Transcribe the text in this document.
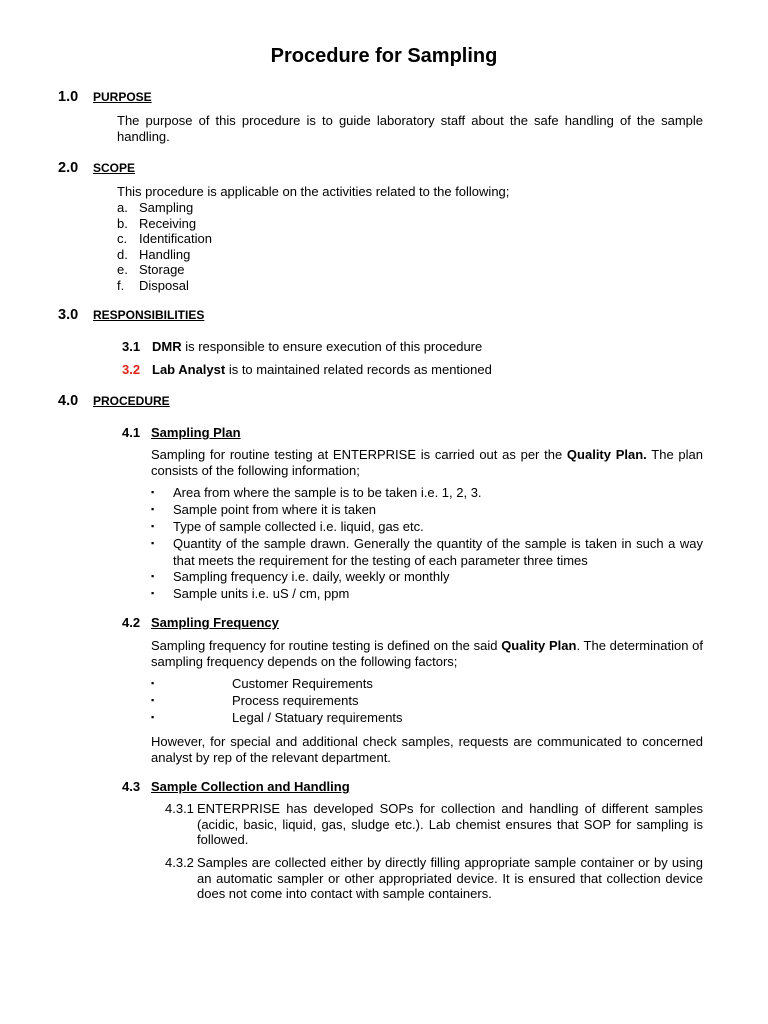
Procedure for Sampling
1.0 PURPOSE
The purpose of this procedure is to guide laboratory staff about the safe handling of the sample handling.
2.0 SCOPE
This procedure is applicable on the activities related to the following;
a. Sampling
b. Receiving
c. Identification
d. Handling
e. Storage
f. Disposal
3.0 RESPONSIBILITIES
3.1 DMR is responsible to ensure execution of this procedure
3.2 Lab Analyst is to maintained related records as mentioned
4.0 PROCEDURE
4.1 Sampling Plan
Sampling for routine testing at ENTERPRISE is carried out as per the Quality Plan. The plan consists of the following information;
▪	Area from where the sample is to be taken i.e. 1, 2, 3.
▪	Sample point from where it is taken
▪	Type of sample collected i.e. liquid, gas etc.
▪	Quantity of the sample drawn. Generally the quantity of the sample is taken in such a way that meets the requirement for the testing of each parameter three times
▪	Sampling frequency i.e. daily, weekly or monthly
▪	Sample units i.e. uS / cm, ppm
4.2 Sampling Frequency
Sampling frequency for routine testing is defined on the said Quality Plan. The determination of sampling frequency depends on the following factors;
▪	Customer Requirements
▪	Process requirements
▪	Legal / Statuary requirements
However, for special and additional check samples, requests are communicated to concerned analyst by rep of the relevant department.
4.3 Sample Collection and Handling
4.3.1 ENTERPRISE has developed SOPs for collection and handling of different samples (acidic, basic, liquid, gas, sludge etc.). Lab chemist ensures that SOP for sampling is followed.
4.3.2 Samples are collected either by directly filling appropriate sample container or by using an automatic sampler or other appropriated device. It is ensured that collection device does not come into contact with sample containers.
